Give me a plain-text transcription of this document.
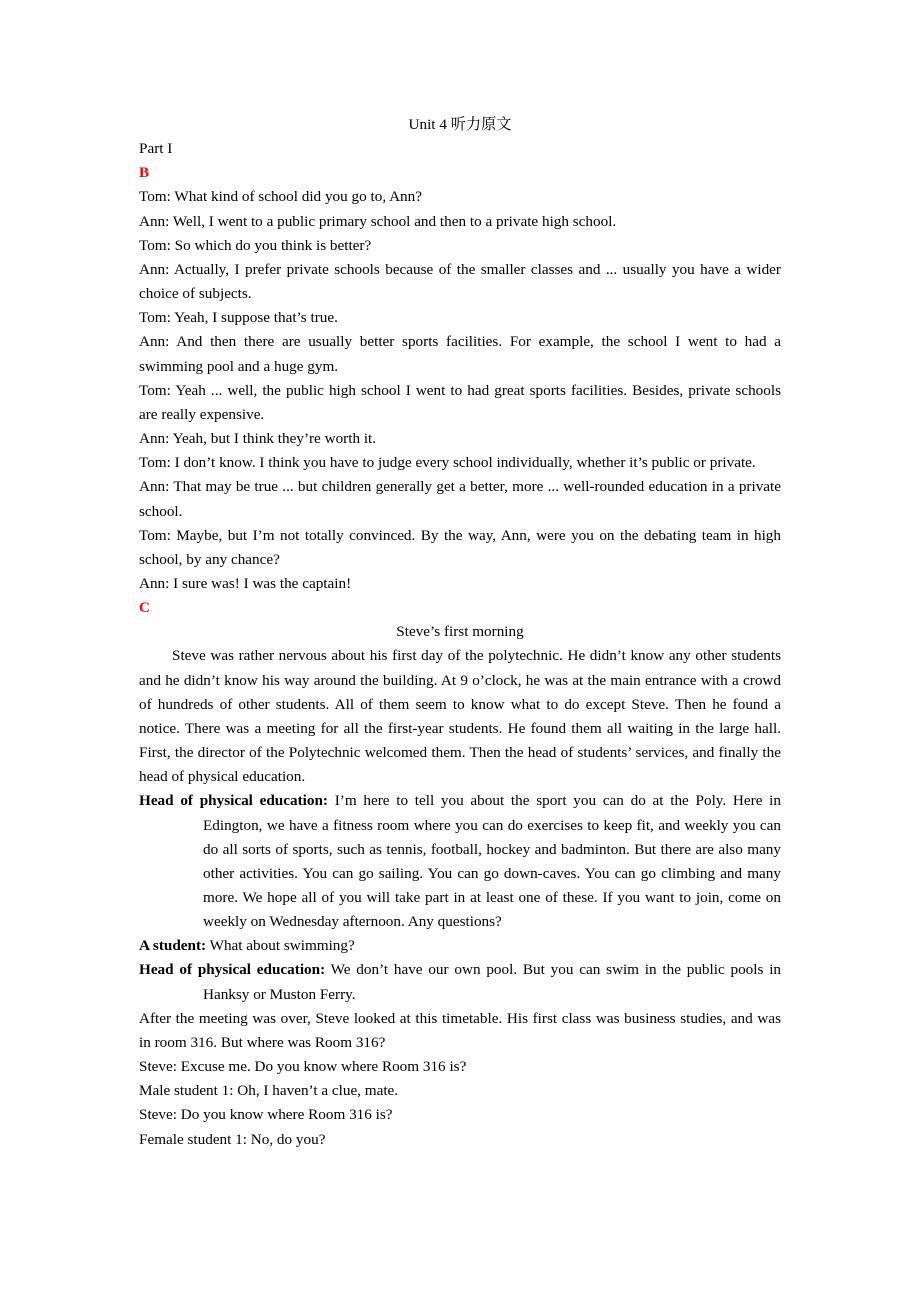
Unit 4 听力原文

Part I

B

Tom: What kind of school did you go to, Ann?

Ann: Well, I went to a public primary school and then to a private high school.

Tom: So which do you think is better?

Ann: Actually, I prefer private schools because of the smaller classes and ... usually you have a wider choice of subjects.

Tom: Yeah, I suppose that’s true.

Ann: And then there are usually better sports facilities. For example, the school I went to had a swimming pool and a huge gym.

Tom: Yeah ... well, the public high school I went to had great sports facilities. Besides, private schools are really expensive.

Ann: Yeah, but I think they’re worth it.

Tom: I don’t know. I think you have to judge every school individually, whether it’s public or private.

Ann: That may be true ... but children generally get a better, more ... well-rounded education in a private school.

Tom: Maybe, but I’m not totally convinced. By the way, Ann, were you on the debating team in high school, by any chance?

Ann: I sure was! I was the captain!

C

Steve’s first morning

Steve was rather nervous about his first day of the polytechnic. He didn’t know any other students and he didn’t know his way around the building. At 9 o’clock, he was at the main entrance with a crowd of hundreds of other students. All of them seem to know what to do except Steve. Then he found a notice. There was a meeting for all the first-year students. He found them all waiting in the large hall. First, the director of the Polytechnic welcomed them. Then the head of students’ services, and finally the head of physical education.

Head of physical education: I’m here to tell you about the sport you can do at the Poly. Here in Edington, we have a fitness room where you can do exercises to keep fit, and weekly you can do all sorts of sports, such as tennis, football, hockey and badminton. But there are also many other activities. You can go sailing. You can go down-caves. You can go climbing and many more. We hope all of you will take part in at least one of these. If you want to join, come on weekly on Wednesday afternoon. Any questions?

A student: What about swimming?

Head of physical education: We don’t have our own pool. But you can swim in the public pools in Hanksy or Muston Ferry.

After the meeting was over, Steve looked at this timetable. His first class was business studies, and was in room 316. But where was Room 316?

Steve: Excuse me. Do you know where Room 316 is?

Male student 1: Oh, I haven’t a clue, mate.

Steve: Do you know where Room 316 is?

Female student 1: No, do you?
